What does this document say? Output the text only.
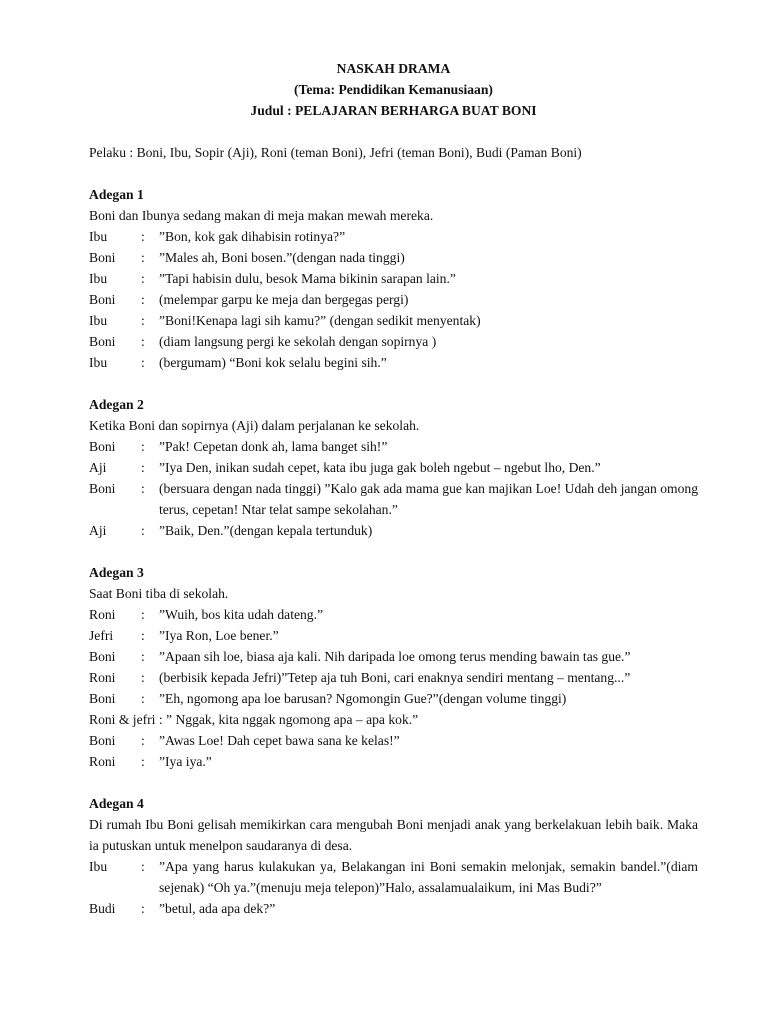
NASKAH DRAMA
(Tema: Pendidikan Kemanusiaan)
Judul : PELAJARAN BERHARGA BUAT BONI
Pelaku : Boni, Ibu, Sopir (Aji), Roni (teman Boni), Jefri (teman Boni), Budi (Paman Boni)
Adegan 1
Boni dan Ibunya sedang makan di meja makan mewah mereka.
Ibu	:	”Bon, kok gak dihabisin rotinya?”
Boni	:	”Males ah, Boni bosen.”(dengan nada tinggi)
Ibu	:	”Tapi habisin dulu, besok Mama bikinin sarapan lain.”
Boni	:	(melempar garpu ke meja dan bergegas pergi)
Ibu	:	”Boni!Kenapa lagi sih kamu?” (dengan sedikit menyentak)
Boni	:	(diam langsung pergi ke sekolah dengan sopirnya )
Ibu	:	(bergumam) “Boni kok selalu begini sih.”
Adegan 2
Ketika Boni dan sopirnya (Aji) dalam perjalanan ke sekolah.
Boni	:	”Pak! Cepetan donk ah, lama banget sih!”
Aji	:	”Iya Den, inikan sudah cepet, kata ibu juga gak boleh ngebut – ngebut lho, Den.”
Boni	:	(bersuara dengan nada tinggi) ”Kalo gak ada mama gue kan majikan Loe! Udah deh jangan omong terus, cepetan! Ntar telat sampe sekolahan.”
Aji	:	”Baik, Den.”(dengan kepala tertunduk)
Adegan 3
Saat Boni tiba di sekolah.
Roni	:	”Wuih, bos kita udah dateng.”
Jefri	:	”Iya Ron, Loe bener.”
Boni	:	”Apaan sih loe, biasa aja kali. Nih daripada loe omong terus mending bawain tas gue.”
Roni	:	(berbisik kepada Jefri)”Tetep aja tuh Boni, cari enaknya sendiri mentang – mentang...”
Boni	:	”Eh, ngomong apa loe barusan? Ngomongin Gue?”(dengan volume tinggi)
Roni & jefri : ” Nggak, kita nggak ngomong apa – apa kok.”
Boni	:	”Awas Loe! Dah cepet bawa sana ke kelas!”
Roni	:	”Iya iya.”
Adegan 4
Di rumah Ibu Boni gelisah memikirkan cara mengubah Boni menjadi anak yang berkelakuan lebih baik. Maka ia putuskan untuk menelpon saudaranya di desa.
Ibu	:	”Apa yang harus kulakukan ya, Belakangan ini Boni semakin melonjak, semakin bandel.”(diam sejenak) “Oh ya.”(menuju meja telepon)”Halo, assalamualaikum, ini Mas Budi?”
Budi	:	”betul, ada apa dek?”
